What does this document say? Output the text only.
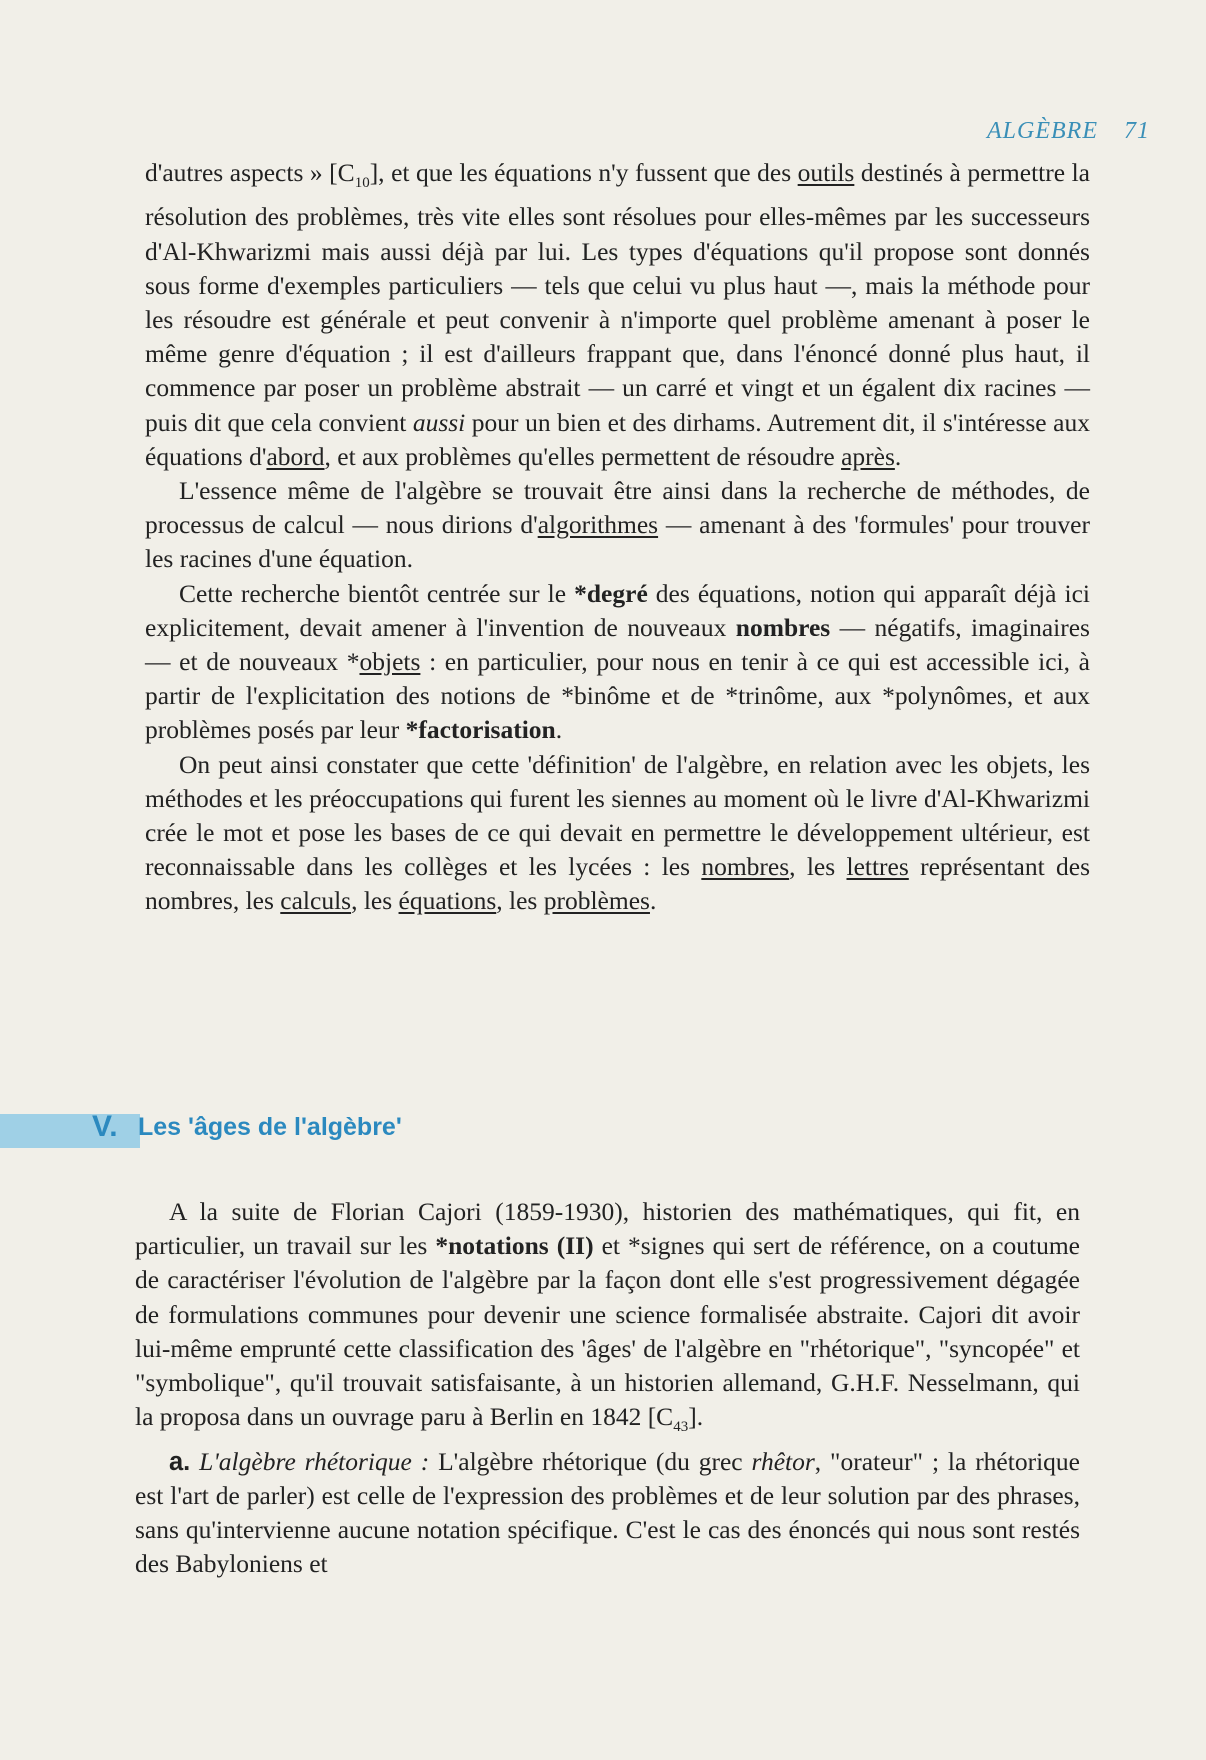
ALGÈBRE 71

d'autres aspects » $[C_{10}]$, et que les équations n'y fussent que des outils destinés à permettre la résolution des problèmes, très vite elles sont résolues pour elles-mêmes par les successeurs d'Al-Khwarizmi mais aussi déjà par lui. Les types d'équations qu'il propose sont donnés sous forme d'exemples particuliers — tels que celui vu plus haut —, mais la méthode pour les résoudre est générale et peut convenir à n'importe quel problème amenant à poser le même genre d'équation ; il est d'ailleurs frappant que, dans l'énoncé donné plus haut, il commence par poser un problème abstrait — un carré et vingt et un égalent dix racines — puis dit que cela convient aussi pour un bien et des dirhams. Autrement dit, il s'intéresse aux équations d'abord, et aux problèmes qu'elles permettent de résoudre après.

L'essence même de l'algèbre se trouvait être ainsi dans la recherche de méthodes, de processus de calcul — nous dirions d'algorithmes — amenant à des 'formules' pour trouver les racines d'une équation.

Cette recherche bientôt centrée sur le *degré des équations, notion qui apparaît déjà ici explicitement, devait amener à l'invention de nouveaux nombres — négatifs, imaginaires — et de nouveaux *objets : en particulier, pour nous en tenir à ce qui est accessible ici, à partir de l'explicitation des notions de *binôme et de *trinôme, aux *polynômes, et aux problèmes posés par leur *factorisation.

On peut ainsi constater que cette 'définition' de l'algèbre, en relation avec les objets, les méthodes et les préoccupations qui furent les siennes au moment où le livre d'Al-Khwarizmi crée le mot et pose les bases de ce qui devait en permettre le développement ultérieur, est reconnaissable dans les collèges et les lycées : les nombres, les lettres représentant des nombres, les calculs, les équations, les problèmes.

V. Les 'âges de l'algèbre'

A la suite de Florian Cajori (1859-1930), historien des mathématiques, qui fit, en particulier, un travail sur les *notations (II) et *signes qui sert de référence, on a coutume de caractériser l'évolution de l'algèbre par la façon dont elle s'est progressivement dégagée de formulations communes pour devenir une science formalisée abstraite. Cajori dit avoir lui-même emprunté cette classification des 'âges' de l'algèbre en "rhétorique", "syncopée" et "symbolique", qu'il trouvait satisfaisante, à un historien allemand, G.H.F. Nesselmann, qui la proposa dans un ouvrage paru à Berlin en 1842 $[C_{43}]$.

a. L'algèbre rhétorique : L'algèbre rhétorique (du grec rhêtor, "orateur" ; la rhétorique est l'art de parler) est celle de l'expression des problèmes et de leur solution par des phrases, sans qu'intervienne aucune notation spécifique. C'est le cas des énoncés qui nous sont restés des Babyloniens et
